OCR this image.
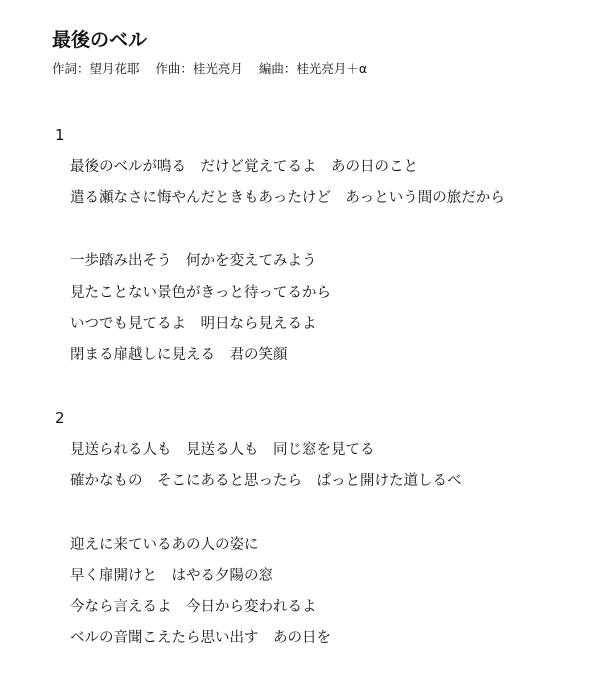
最後のベル
作詞：望月花耶 作曲：桂光亮月 編曲：桂光亮月＋α
1
最後のベルが鳴る　だけど覚えてるよ　あの日のこと
遣る瀬なさに悔やんだときもあったけど　あっという間の旅だから
一歩踏み出そう　何かを変えてみよう
見たことない景色がきっと待ってるから
いつでも見てるよ　明日なら見えるよ
閉まる扉越しに見える　君の笑顔
2
見送られる人も　見送る人も　同じ窓を見てる
確かなもの　そこにあると思ったら　ぱっと開けた道しるべ
迎えに来ているあの人の姿に
早く扉開けと　はやる夕陽の窓
今なら言えるよ　今日から変われるよ
ベルの音聞こえたら思い出す　あの日を
